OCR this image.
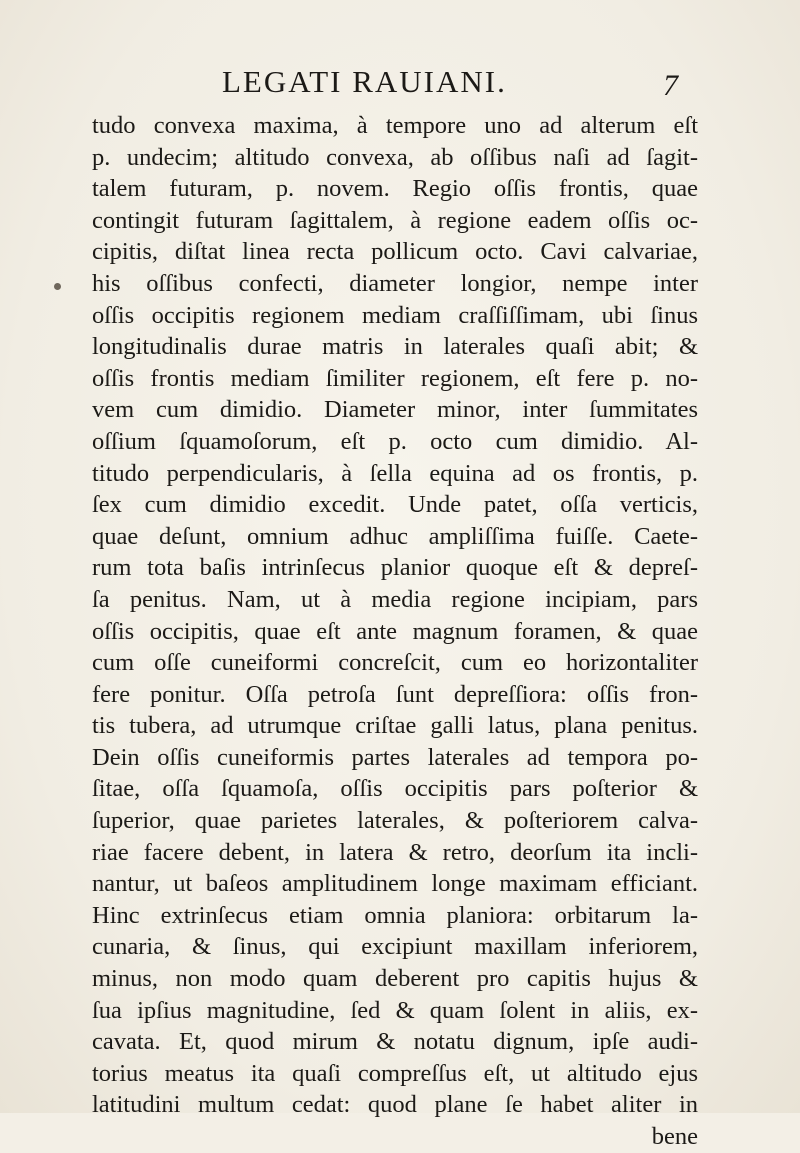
LEGATI RAUIANI.	7
tudo convexa maxima, à tempore uno ad alterum eſt
p. undecim; altitudo convexa, ab oſſibus naſi ad ſagit-
talem futuram, p. novem. Regio oſſis frontis, quae
contingit futuram ſagittalem, à regione eadem oſſis oc-
cipitis, diſtat linea recta pollicum octo. Cavi calvariae,
his oſſibus confecti, diameter longior, nempe inter
oſſis occipitis regionem mediam craſſiſſimam, ubi ſinus
longitudinalis durae matris in laterales quaſi abit; &
oſſis frontis mediam ſimiliter regionem, eſt fere p. no-
vem cum dimidio. Diameter minor, inter ſummitates
oſſium ſquamoſorum, eſt p. octo cum dimidio. Al-
titudo perpendicularis, à ſella equina ad os frontis, p.
ſex cum dimidio excedit. Unde patet, oſſa verticis,
quae deſunt, omnium adhuc ampliſſima fuiſſe. Caete-
rum tota baſis intrinſecus planior quoque eſt & depreſ-
ſa penitus. Nam, ut à media regione incipiam, pars
oſſis occipitis, quae eſt ante magnum foramen, & quae
cum oſſe cuneiformi concreſcit, cum eo horizontaliter
fere ponitur. Oſſa petroſa ſunt depreſſiora: oſſis fron-
tis tubera, ad utrumque criſtae galli latus, plana penitus.
Dein oſſis cuneiformis partes laterales ad tempora po-
ſitae, oſſa ſquamoſa, oſſis occipitis pars poſterior &
ſuperior, quae parietes laterales, & poſteriorem calva-
riae facere debent, in latera & retro, deorſum ita incli-
nantur, ut baſeos amplitudinem longe maximam efficiant.
Hinc extrinſecus etiam omnia planiora: orbitarum la-
cunaria, & ſinus, qui excipiunt maxillam inferiorem,
minus, non modo quam deberent pro capitis hujus &
ſua ipſius magnitudine, ſed & quam ſolent in aliis, ex-
cavata. Et, quod mirum & notatu dignum, ipſe audi-
torius meatus ita quaſi compreſſus eſt, ut altitudo ejus
latitudini multum cedat: quod plane ſe habet aliter in
bene
